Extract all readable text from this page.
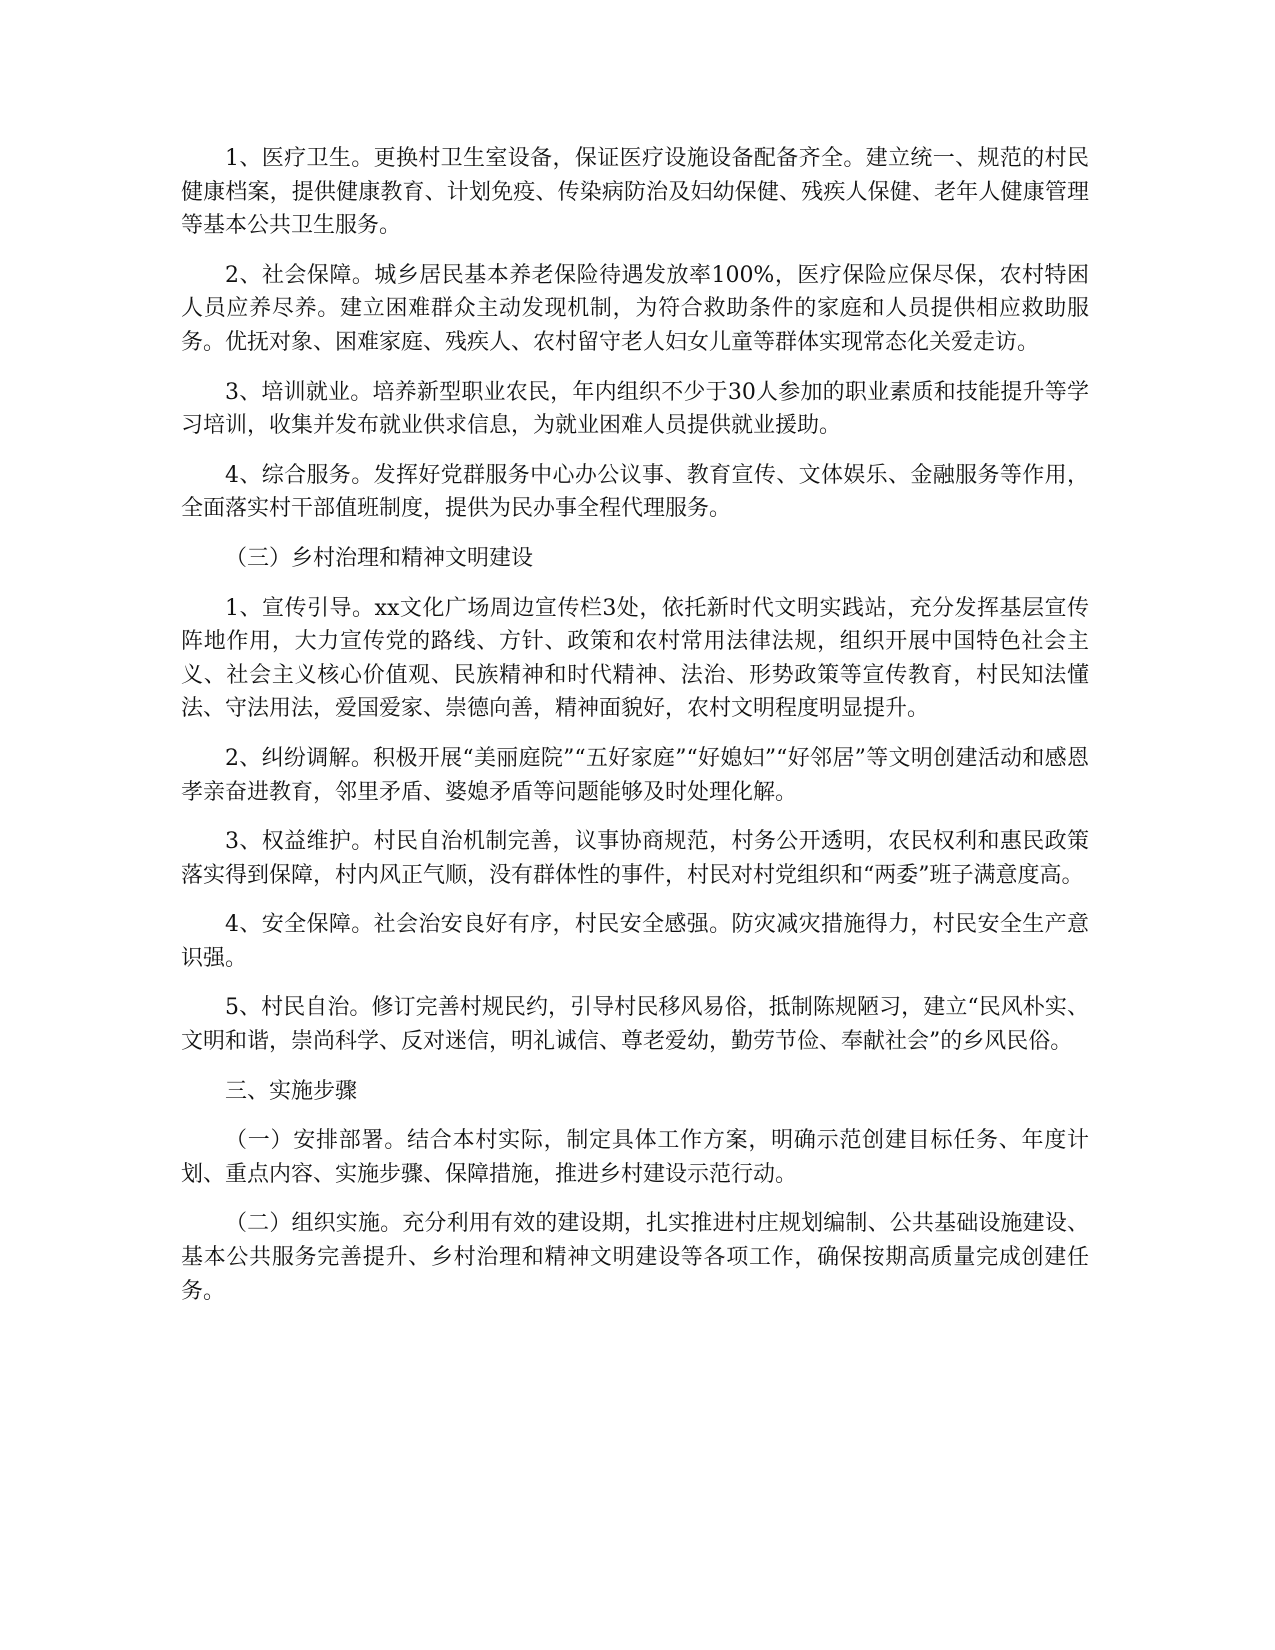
1、医疗卫生。更换村卫生室设备，保证医疗设施设备配备齐全。建立统一、规范的村民健康档案，提供健康教育、计划免疫、传染病防治及妇幼保健、残疾人保健、老年人健康管理等基本公共卫生服务。

2、社会保障。城乡居民基本养老保险待遇发放率100%，医疗保险应保尽保，农村特困人员应养尽养。建立困难群众主动发现机制，为符合救助条件的家庭和人员提供相应救助服务。优抚对象、困难家庭、残疾人、农村留守老人妇女儿童等群体实现常态化关爱走访。

3、培训就业。培养新型职业农民，年内组织不少于30人参加的职业素质和技能提升等学习培训，收集并发布就业供求信息，为就业困难人员提供就业援助。

4、综合服务。发挥好党群服务中心办公议事、教育宣传、文体娱乐、金融服务等作用，全面落实村干部值班制度，提供为民办事全程代理服务。

（三）乡村治理和精神文明建设

1、宣传引导。xx文化广场周边宣传栏3处，依托新时代文明实践站，充分发挥基层宣传阵地作用，大力宣传党的路线、方针、政策和农村常用法律法规，组织开展中国特色社会主义、社会主义核心价值观、民族精神和时代精神、法治、形势政策等宣传教育，村民知法懂法、守法用法，爱国爱家、崇德向善，精神面貌好，农村文明程度明显提升。

2、纠纷调解。积极开展“美丽庭院”“五好家庭”“好媳妇”“好邻居”等文明创建活动和感恩孝亲奋进教育，邻里矛盾、婆媳矛盾等问题能够及时处理化解。

3、权益维护。村民自治机制完善，议事协商规范，村务公开透明，农民权利和惠民政策落实得到保障，村内风正气顺，没有群体性的事件，村民对村党组织和“两委”班子满意度高。

4、安全保障。社会治安良好有序，村民安全感强。防灾减灾措施得力，村民安全生产意识强。

5、村民自治。修订完善村规民约，引导村民移风易俗，抵制陈规陋习，建立“民风朴实、文明和谐，崇尚科学、反对迷信，明礼诚信、尊老爱幼，勤劳节俭、奉献社会”的乡风民俗。

三、实施步骤

（一）安排部署。结合本村实际，制定具体工作方案，明确示范创建目标任务、年度计划、重点内容、实施步骤、保障措施，推进乡村建设示范行动。

（二）组织实施。充分利用有效的建设期，扎实推进村庄规划编制、公共基础设施建设、基本公共服务完善提升、乡村治理和精神文明建设等各项工作，确保按期高质量完成创建任务。
